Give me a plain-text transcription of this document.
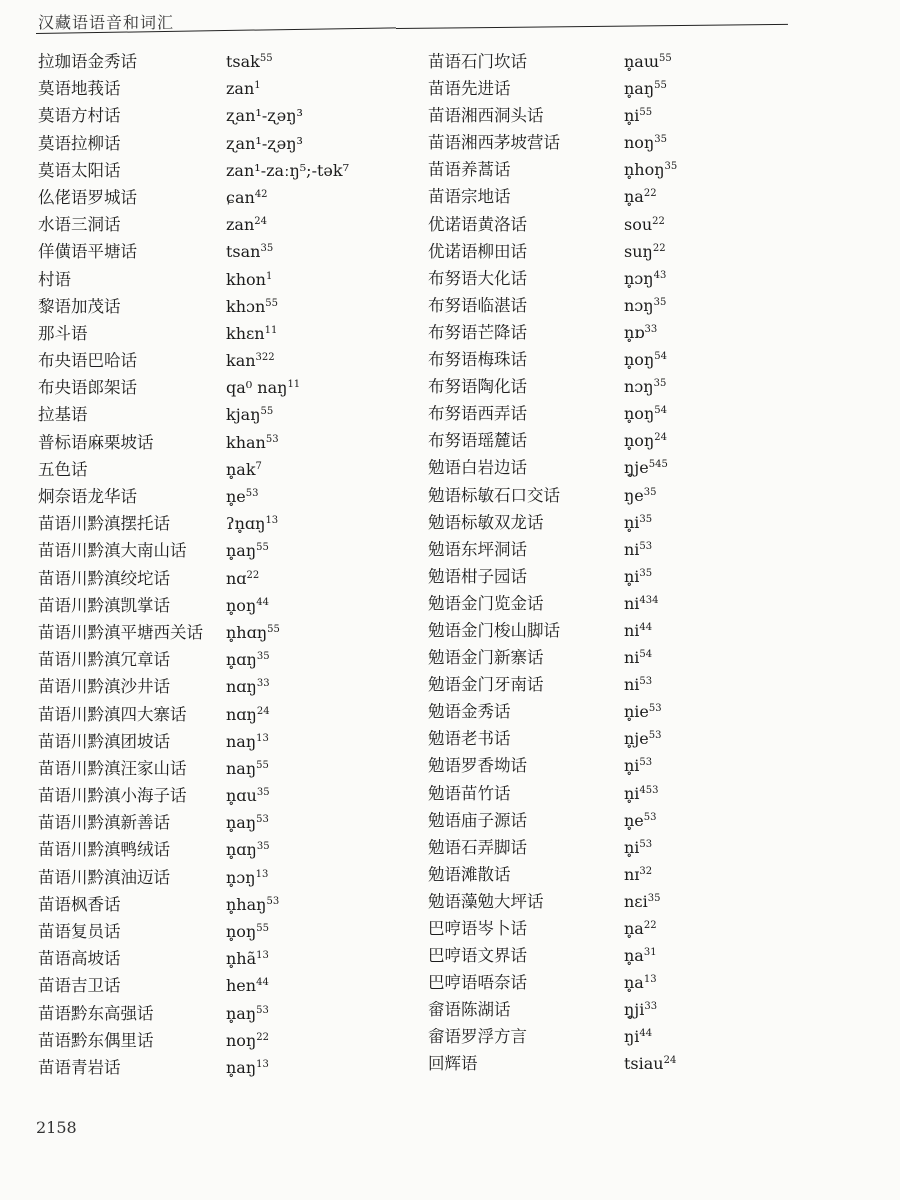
汉藏语语音和词汇
拉珈语金秀话	tsak$^{55}$
莫语地莪话	zan$^1$
莫语方村话	ʐan¹-ʐəŋ³
莫语拉柳话	ʐan¹-ʐəŋ³
莫语太阳话	zan¹-zaːŋ⁵;-tək⁷
仫佬语罗城话	ɕan$^{42}$
水语三洞话	zan$^{24}$
佯僙语平塘话	tsan$^{35}$
村语	khon$^1$
黎语加茂话	khɔn$^{55}$
那斗语	khɛn$^{11}$
布央语巴哈话	kan$^{322}$
布央语郎架话	qa⁰ naŋ$^{11}$
拉基语	kjaŋ$^{55}$
普标语麻栗坡话	khan$^{53}$
五色话	$n̥ak^7$
炯奈语龙华话	$n̥e^{53}$
苗语川黔滇摆托话	ʔn̥ɑŋ$^{13}$
苗语川黔滇大南山话 $n̥aŋ^{55}$
苗语川黔滇绞坨话	nɑ$^{22}$
苗语川黔滇凯掌话	$n̥oŋ^{44}$
苗语川黔滇平塘西关话 n̥hɑŋ$^{55}$
苗语川黔滇冗章话	n̥ɑŋ$^{35}$
苗语川黔滇沙井话	nɑŋ$^{33}$
苗语川黔滇四大寨话 nɑŋ$^{24}$
苗语川黔滇团坡话	naŋ$^{13}$
苗语川黔滇汪家山话 naŋ$^{55}$
苗语川黔滇小海子话 n̥ɑu$^{35}$
苗语川黔滇新善话	$n̥aŋ^{53}$
苗语川黔滇鸭绒话	n̥ɑŋ$^{35}$
苗语川黔滇油迈话	n̥ɔŋ$^{13}$
苗语枫香话	n̥haŋ$^{53}$
苗语复员话	$n̥oŋ^{55}$
苗语高坡话	$n̥hã^{13}$
苗语吉卫话	hen$^{44}$
苗语黔东高强话	$n̥aŋ^{53}$
苗语黔东偶里话	noŋ$^{22}$
苗语青岩话	$n̥aŋ^{13}$
苗语石门坎话	n̥aɯ$^{55}$
苗语先进话	$n̥aŋ^{55}$
苗语湘西洞头话	$n̥i^{55}$
苗语湘西茅坡营话	noŋ$^{35}$
苗语养蒿话	n̥hoŋ$^{35}$
苗语宗地话	$n̥a^{22}$
优诺语黄洛话	sou$^{22}$
优诺语柳田话	suŋ$^{22}$
布努语大化话	n̥ɔŋ$^{43}$
布努语临湛话	nɔŋ$^{35}$
布努语芒降话	n̥ɒ$^{33}$
布努语梅珠话	$n̥oŋ^{54}$
布努语陶化话	nɔŋ$^{35}$
布努语西弄话	$n̥oŋ^{54}$
布努语瑶麓话	$n̥oŋ^{24}$
勉语白岩边话	$ŋ̥je^{545}$
勉语标敏石口交话	$ŋe^{35}$
勉语标敏双龙话	$n̥i^{35}$
勉语东坪洞话	$ni^{53}$
勉语柑子园话	$n̥i^{35}$
勉语金门览金话	$ni^{434}$
勉语金门梭山脚话	$ni^{44}$
勉语金门新寨话	$ni^{54}$
勉语金门牙南话	$ni^{53}$
勉语金秀话	$n̥ie^{53}$
勉语老书话	$n̥je^{53}$
勉语罗香坳话	$n̥i^{53}$
勉语苗竹话	$n̥i^{453}$
勉语庙子源话	$n̥e^{53}$
勉语石弄脚话	$n̥i^{53}$
勉语滩散话	nɪ$^{32}$
勉语藻勉大坪话	nɛi$^{35}$
巴哼语岑卜话	$n̥a^{22}$
巴哼语文界话	$n̥a^{31}$
巴哼语唔奈话	$n̥a^{13}$
畲语陈湖话	$ŋ̥ji^{33}$
畲语罗浮方言	$ŋi^{44}$
回辉语	tsiau$^{24}$
2158
